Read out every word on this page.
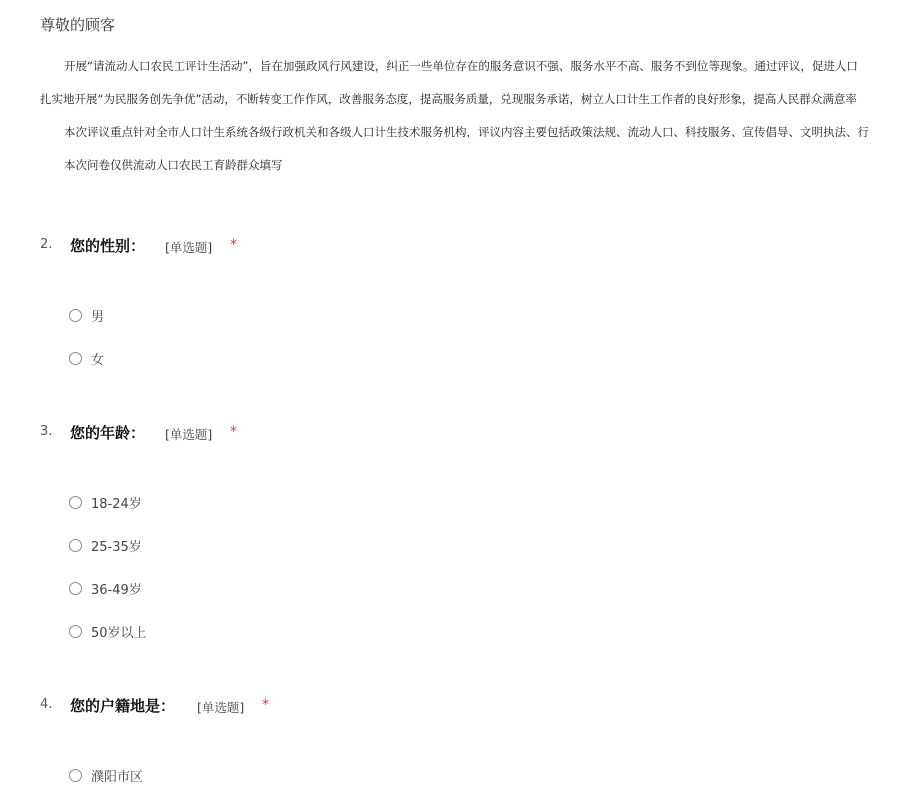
尊敬的顾客
开展“请流动人口农民工评计生活动”，旨在加强政风行风建设，纠正一些单位存在的服务意识不强、服务水平不高、服务不到位等现象。通过评议，促进人口
扎实地开展“为民服务创先争优”活动，不断转变工作作风，改善服务态度，提高服务质量，兑现服务承诺，树立人口计生工作者的良好形象，提高人民群众满意率
本次评议重点针对全市人口计生系统各级行政机关和各级人口计生技术服务机构，评议内容主要包括政策法规、流动人口、科技服务、宣传倡导、文明执法、行
本次问卷仅供流动人口农民工育龄群众填写
2. 您的性别： [单选题] *
男
女
3. 您的年龄： [单选题] *
18-24岁
25-35岁
36-49岁
50岁以上
4. 您的户籍地是： [单选题] *
濮阳市区
